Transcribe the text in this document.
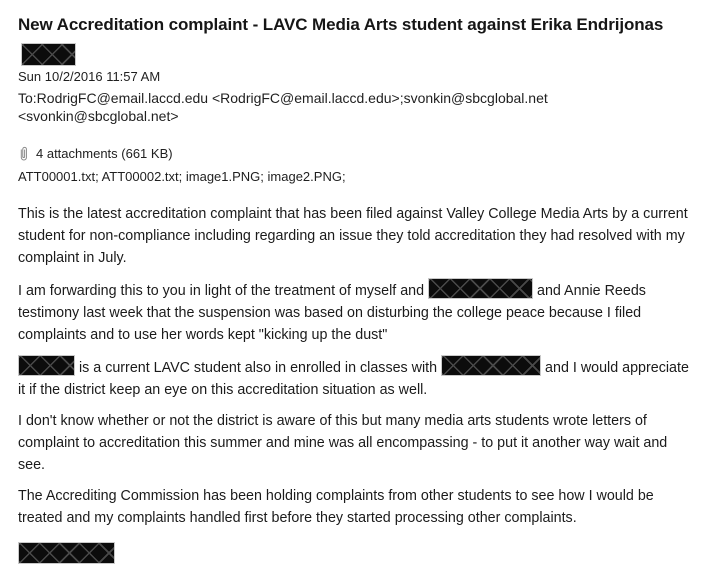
New Accreditation complaint - LAVC Media Arts student against Erika Endrijonas
Sun 10/2/2016 11:57 AM
To:RodrigFC@email.laccd.edu <RodrigFC@email.laccd.edu>;svonkin@sbcglobal.net <svonkin@sbcglobal.net>
4 attachments (661 KB)
ATT00001.txt; ATT00002.txt; image1.PNG; image2.PNG;

This is the latest accreditation complaint that has been filed against Valley College Media Arts by a current student for non-compliance including regarding an issue they told accreditation they had resolved with my complaint in July.

I am forwarding this to you in light of the treatment of myself and	and Annie Reeds testimony last week that the suspension was based on disturbing the college peace because I filed complaints and to use her words kept "kicking up the dust"

is a current LAVC student also in enrolled in classes with	and I would appreciate it if the district keep an eye on this accreditation situation as well.

I don't know whether or not the district is aware of this but many media arts students wrote letters of complaint to accreditation this summer and mine was all encompassing - to put it another way wait and see.

The Accrediting Commission has been holding complaints from other students to see how I would be treated and my complaints handled first before they started processing other complaints.
